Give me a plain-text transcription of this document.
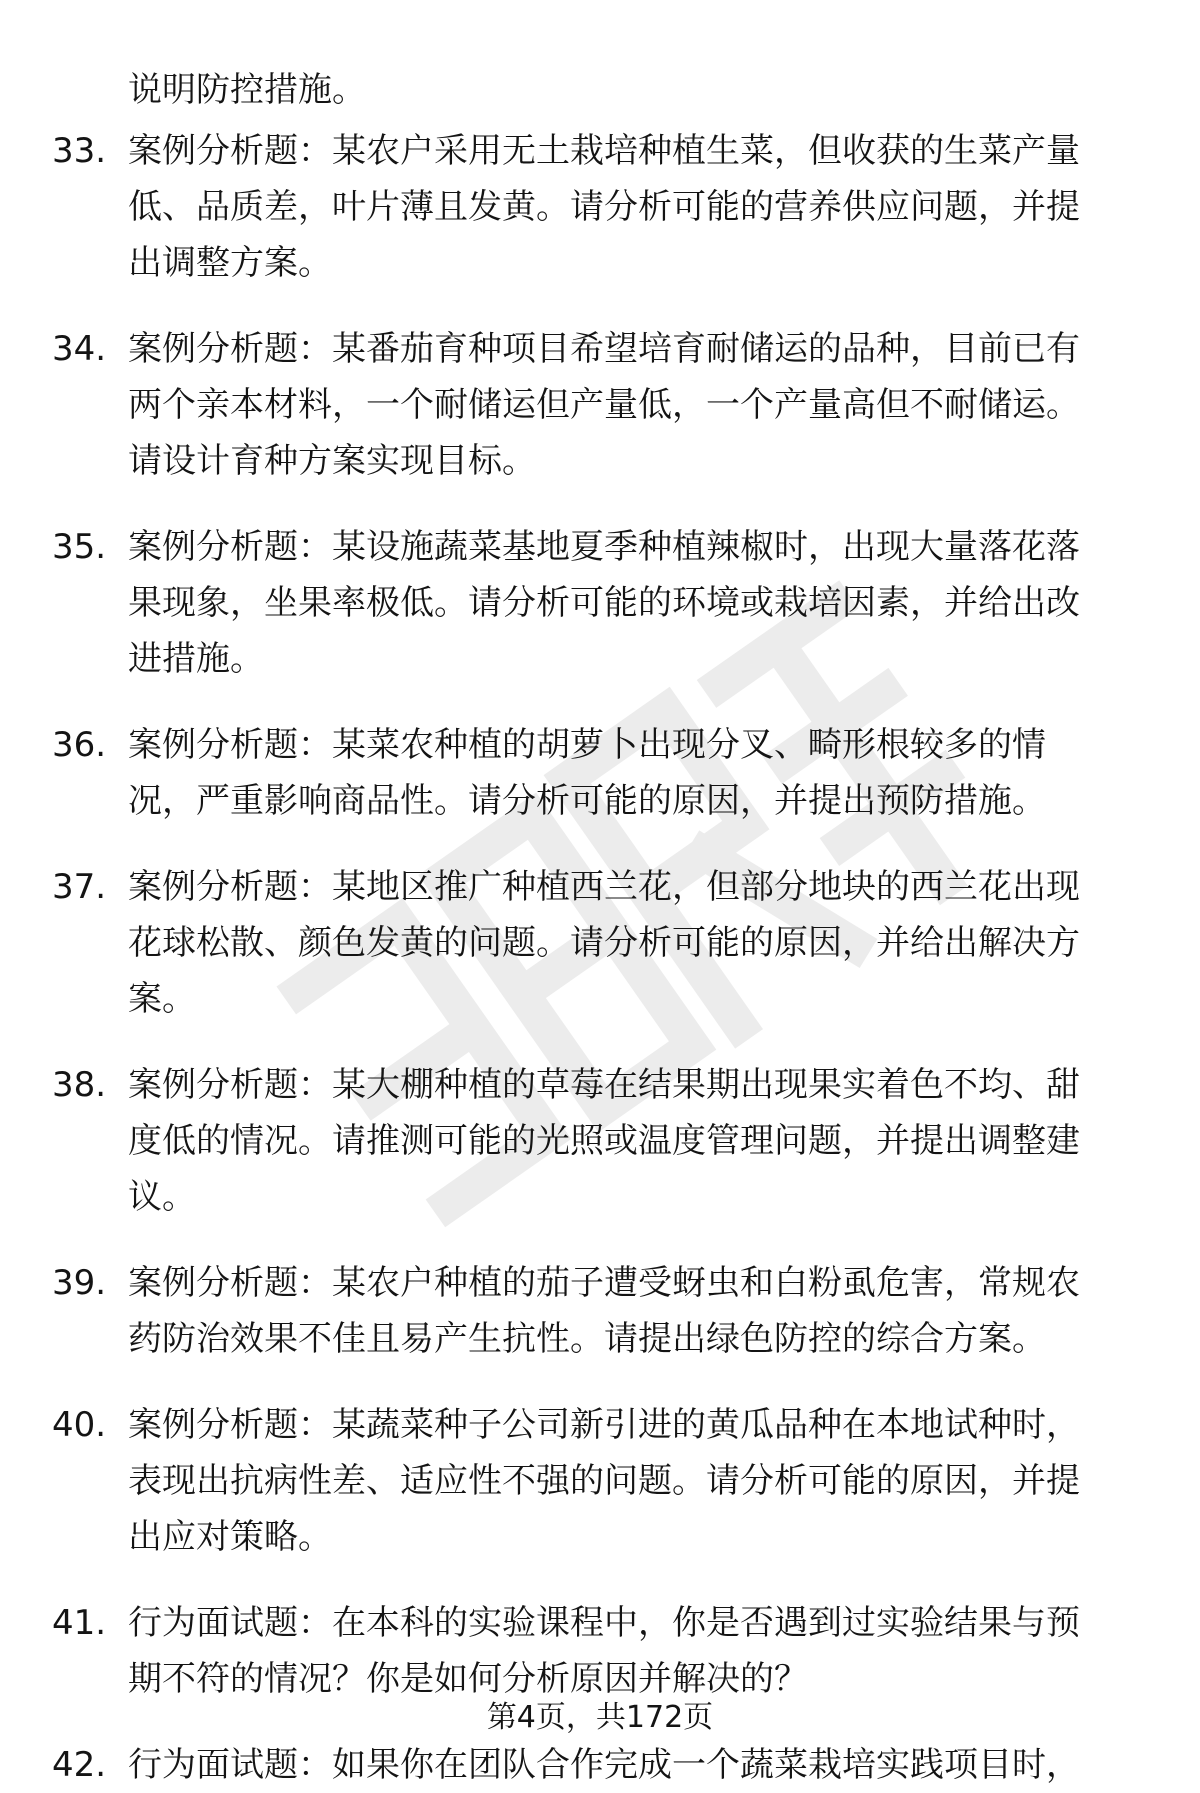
说明防控措施。
33. 案例分析题：某农户采用无土栽培种植生菜，但收获的生菜产量
低、品质差，叶片薄且发黄。请分析可能的营养供应问题，并提
出调整方案。
34. 案例分析题：某番茄育种项目希望培育耐储运的品种，目前已有
两个亲本材料，一个耐储运但产量低，一个产量高但不耐储运。
请设计育种方案实现目标。
35. 案例分析题：某设施蔬菜基地夏季种植辣椒时，出现大量落花落
果现象，坐果率极低。请分析可能的环境或栽培因素，并给出改
进措施。
36. 案例分析题：某菜农种植的胡萝卜出现分叉、畸形根较多的情
况，严重影响商品性。请分析可能的原因，并提出预防措施。
37. 案例分析题：某地区推广种植西兰花，但部分地块的西兰花出现
花球松散、颜色发黄的问题。请分析可能的原因，并给出解决方
案。
38. 案例分析题：某大棚种植的草莓在结果期出现果实着色不均、甜
度低的情况。请推测可能的光照或温度管理问题，并提出调整建
议。
39. 案例分析题：某农户种植的茄子遭受蚜虫和白粉虱危害，常规农
药防治效果不佳且易产生抗性。请提出绿色防控的综合方案。
40. 案例分析题：某蔬菜种子公司新引进的黄瓜品种在本地试种时，
表现出抗病性差、适应性不强的问题。请分析可能的原因，并提
出应对策略。
41. 行为面试题：在本科的实验课程中，你是否遇到过实验结果与预
期不符的情况？你是如何分析原因并解决的？
42. 行为面试题：如果你在团队合作完成一个蔬菜栽培实践项目时，
第4页，共172页
